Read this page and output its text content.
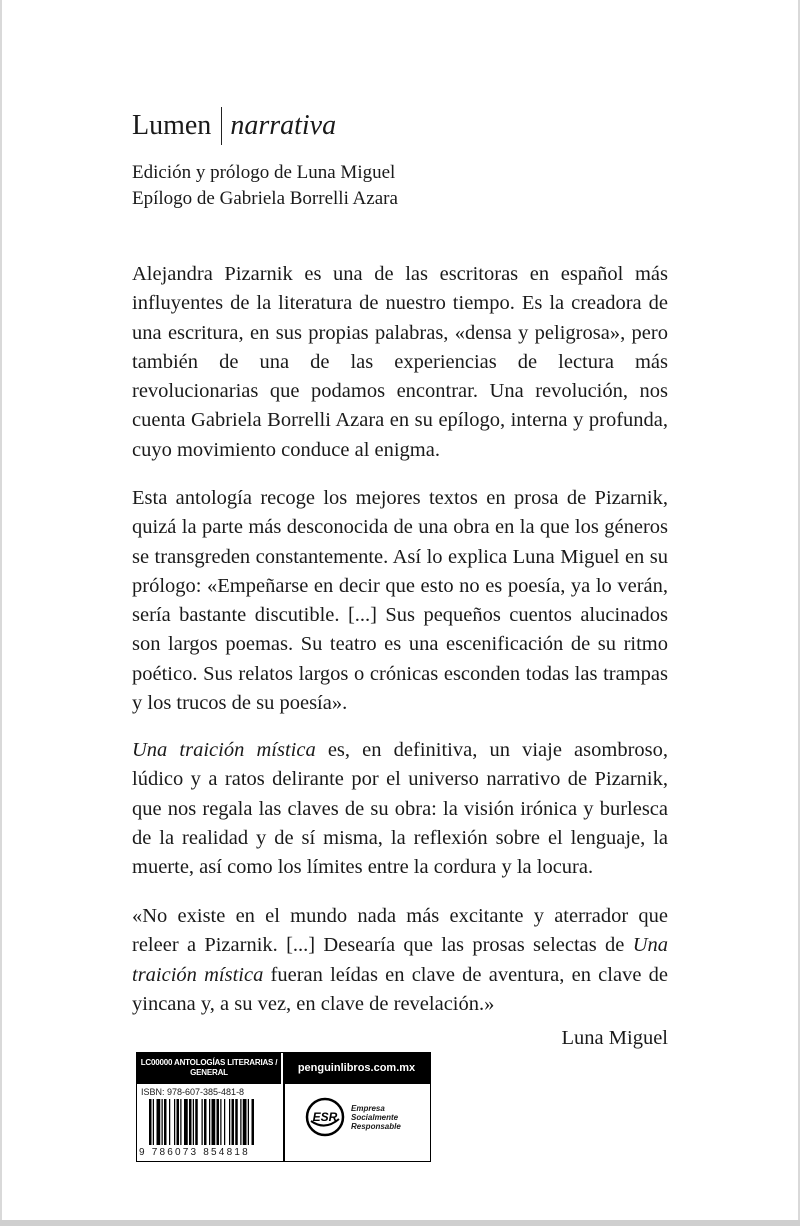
Lumen narrativa
Edición y prólogo de Luna Miguel
Epílogo de Gabriela Borrelli Azara

Alejandra Pizarnik es una de las escritoras en español más influyentes de la literatura de nuestro tiempo. Es la creadora de una escritura, en sus propias palabras, «densa y peligrosa», pero también de una de las experiencias de lectura más revolucionarias que podamos encontrar. Una revolución, nos cuenta Gabriela Borrelli Azara en su epílogo, interna y profunda, cuyo movimiento conduce al enigma.

Esta antología recoge los mejores textos en prosa de Pizarnik, quizá la parte más desconocida de una obra en la que los géneros se transgreden constantemente. Así lo explica Luna Miguel en su prólogo: «Empeñarse en decir que esto no es poesía, ya lo verán, sería bastante discutible. [...] Sus pequeños cuentos alucinados son largos poemas. Su teatro es una escenificación de su ritmo poético. Sus relatos largos o crónicas esconden todas las trampas y los trucos de su poesía».

Una traición mística es, en definitiva, un viaje asombroso, lúdico y a ratos delirante por el universo narrativo de Pizarnik, que nos regala las claves de su obra: la visión irónica y burlesca de la realidad y de sí misma, la reflexión sobre el lenguaje, la muerte, así como los límites entre la cordura y la locura.

«No existe en el mundo nada más excitante y aterrador que releer a Pizarnik. [...] Desearía que las prosas selectas de Una traición mística fueran leídas en clave de aventura, en clave de yincana y, a su vez, en clave de revelación.»

Luna Miguel
LC00000 ANTOLOGÍAS LITERARIAS /
GENERAL	penguinlibros.com.mx
ISBN: 978-607-385-481-8
9 786073 854818
ESR
Empresa
Socialmente
Responsable
